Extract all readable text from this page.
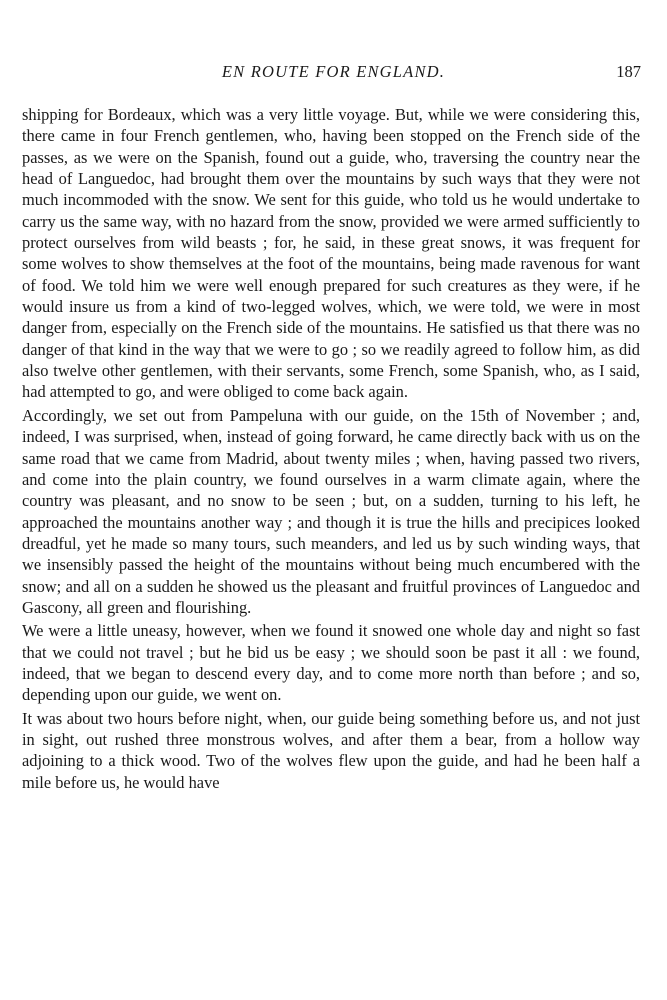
EN ROUTE FOR ENGLAND.	187

shipping for Bordeaux, which was a very little voyage. But, while we were considering this, there came in four French gentlemen, who, having been stopped on the French side of the passes, as we were on the Spanish, found out a guide, who, traversing the country near the head of Languedoc, had brought them over the mountains by such ways that they were not much incommoded with the snow. We sent for this guide, who told us he would undertake to carry us the same way, with no hazard from the snow, provided we were armed sufficiently to protect ourselves from wild beasts ; for, he said, in these great snows, it was frequent for some wolves to show themselves at the foot of the mountains, being made ravenous for want of food. We told him we were well enough prepared for such creatures as they were, if he would insure us from a kind of two-legged wolves, which, we were told, we were in most danger from, especially on the French side of the mountains. He satisfied us that there was no danger of that kind in the way that we were to go ; so we readily agreed to follow him, as did also twelve other gentlemen, with their servants, some French, some Spanish, who, as I said, had attempted to go, and were obliged to come back again.

Accordingly, we set out from Pampeluna with our guide, on the 15th of November ; and, indeed, I was surprised, when, instead of going forward, he came directly back with us on the same road that we came from Madrid, about twenty miles ; when, having passed two rivers, and come into the plain country, we found ourselves in a warm climate again, where the country was pleasant, and no snow to be seen ; but, on a sudden, turning to his left, he approached the mountains another way ; and though it is true the hills and precipices looked dreadful, yet he made so many tours, such meanders, and led us by such winding ways, that we insensibly passed the height of the mountains without being much encumbered with the snow; and all on a sudden he showed us the pleasant and fruitful provinces of Languedoc and Gascony, all green and flourishing.

We were a little uneasy, however, when we found it snowed one whole day and night so fast that we could not travel ; but he bid us be easy ; we should soon be past it all : we found, indeed, that we began to descend every day, and to come more north than before ; and so, depending upon our guide, we went on.

It was about two hours before night, when, our guide being something before us, and not just in sight, out rushed three monstrous wolves, and after them a bear, from a hollow way adjoining to a thick wood. Two of the wolves flew upon the guide, and had he been half a mile before us, he would have
